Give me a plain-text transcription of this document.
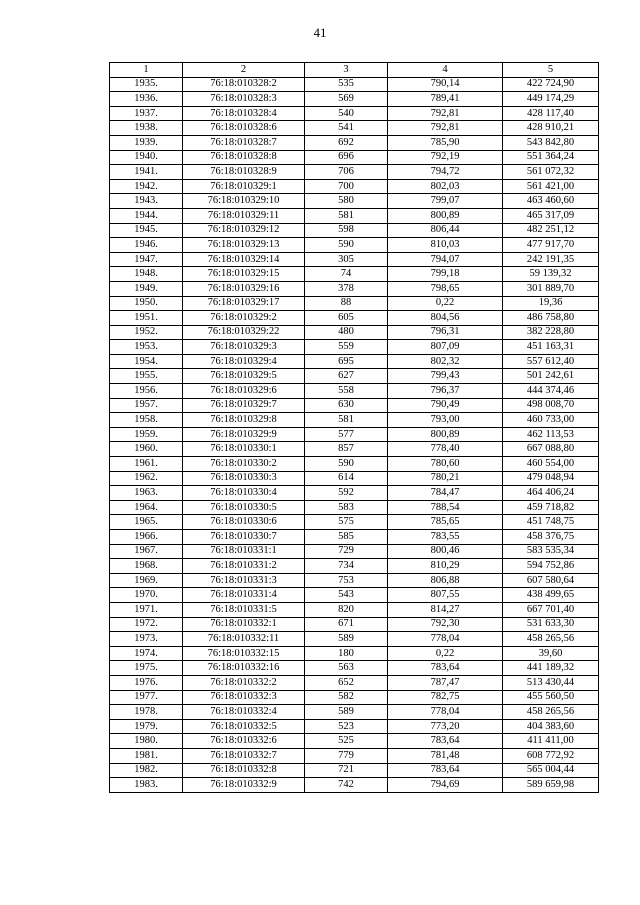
41
1	2	3	4	5
1935.	76:18:010328:2	535	790,14	422 724,90
1936.	76:18:010328:3	569	789,41	449 174,29
1937.	76:18:010328:4	540	792,81	428 117,40
1938.	76:18:010328:6	541	792,81	428 910,21
1939.	76:18:010328:7	692	785,90	543 842,80
1940.	76:18:010328:8	696	792,19	551 364,24
1941.	76:18:010328:9	706	794,72	561 072,32
1942.	76:18:010329:1	700	802,03	561 421,00
1943.	76:18:010329:10	580	799,07	463 460,60
1944.	76:18:010329:11	581	800,89	465 317,09
1945.	76:18:010329:12	598	806,44	482 251,12
1946.	76:18:010329:13	590	810,03	477 917,70
1947.	76:18:010329:14	305	794,07	242 191,35
1948.	76:18:010329:15	74	799,18	59 139,32
1949.	76:18:010329:16	378	798,65	301 889,70
1950.	76:18:010329:17	88	0,22	19,36
1951.	76:18:010329:2	605	804,56	486 758,80
1952.	76:18:010329:22	480	796,31	382 228,80
1953.	76:18:010329:3	559	807,09	451 163,31
1954.	76:18:010329:4	695	802,32	557 612,40
1955.	76:18:010329:5	627	799,43	501 242,61
1956.	76:18:010329:6	558	796,37	444 374,46
1957.	76:18:010329:7	630	790,49	498 008,70
1958.	76:18:010329:8	581	793,00	460 733,00
1959.	76:18:010329:9	577	800,89	462 113,53
1960.	76:18:010330:1	857	778,40	667 088,80
1961.	76:18:010330:2	590	780,60	460 554,00
1962.	76:18:010330:3	614	780,21	479 048,94
1963.	76:18:010330:4	592	784,47	464 406,24
1964.	76:18:010330:5	583	788,54	459 718,82
1965.	76:18:010330:6	575	785,65	451 748,75
1966.	76:18:010330:7	585	783,55	458 376,75
1967.	76:18:010331:1	729	800,46	583 535,34
1968.	76:18:010331:2	734	810,29	594 752,86
1969.	76:18:010331:3	753	806,88	607 580,64
1970.	76:18:010331:4	543	807,55	438 499,65
1971.	76:18:010331:5	820	814,27	667 701,40
1972.	76:18:010332:1	671	792,30	531 633,30
1973.	76:18:010332:11	589	778,04	458 265,56
1974.	76:18:010332:15	180	0,22	39,60
1975.	76:18:010332:16	563	783,64	441 189,32
1976.	76:18:010332:2	652	787,47	513 430,44
1977.	76:18:010332:3	582	782,75	455 560,50
1978.	76:18:010332:4	589	778,04	458 265,56
1979.	76:18:010332:5	523	773,20	404 383,60
1980.	76:18:010332:6	525	783,64	411 411,00
1981.	76:18:010332:7	779	781,48	608 772,92
1982.	76:18:010332:8	721	783,64	565 004,44
1983.	76:18:010332:9	742	794,69	589 659,98
